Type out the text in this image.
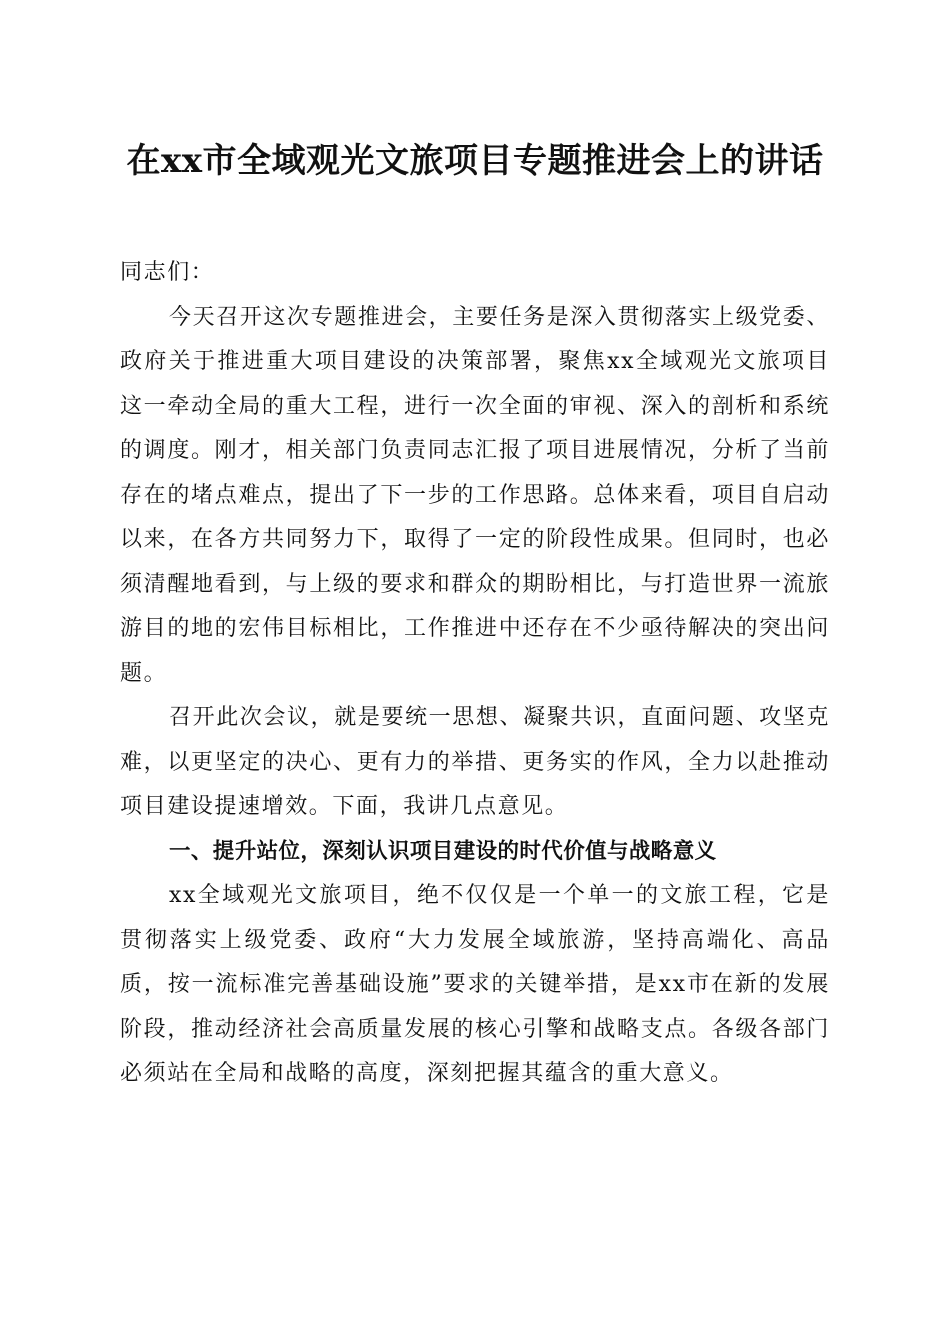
在xx市全域观光文旅项目专题推进会上的讲话

同志们：

今天召开这次专题推进会，主要任务是深入贯彻落实上级党委、政府关于推进重大项目建设的决策部署，聚焦xx全域观光文旅项目这一牵动全局的重大工程，进行一次全面的审视、深入的剖析和系统的调度。刚才，相关部门负责同志汇报了项目进展情况，分析了当前存在的堵点难点，提出了下一步的工作思路。总体来看，项目自启动以来，在各方共同努力下，取得了一定的阶段性成果。但同时，也必须清醒地看到，与上级的要求和群众的期盼相比，与打造世界一流旅游目的地的宏伟目标相比，工作推进中还存在不少亟待解决的突出问题。

召开此次会议，就是要统一思想、凝聚共识，直面问题、攻坚克难，以更坚定的决心、更有力的举措、更务实的作风，全力以赴推动项目建设提速增效。下面，我讲几点意见。

一、提升站位，深刻认识项目建设的时代价值与战略意义

xx全域观光文旅项目，绝不仅仅是一个单一的文旅工程，它是贯彻落实上级党委、政府“大力发展全域旅游，坚持高端化、高品质，按一流标准完善基础设施”要求的关键举措，是xx市在新的发展阶段，推动经济社会高质量发展的核心引擎和战略支点。各级各部门必须站在全局和战略的高度，深刻把握其蕴含的重大意义。
